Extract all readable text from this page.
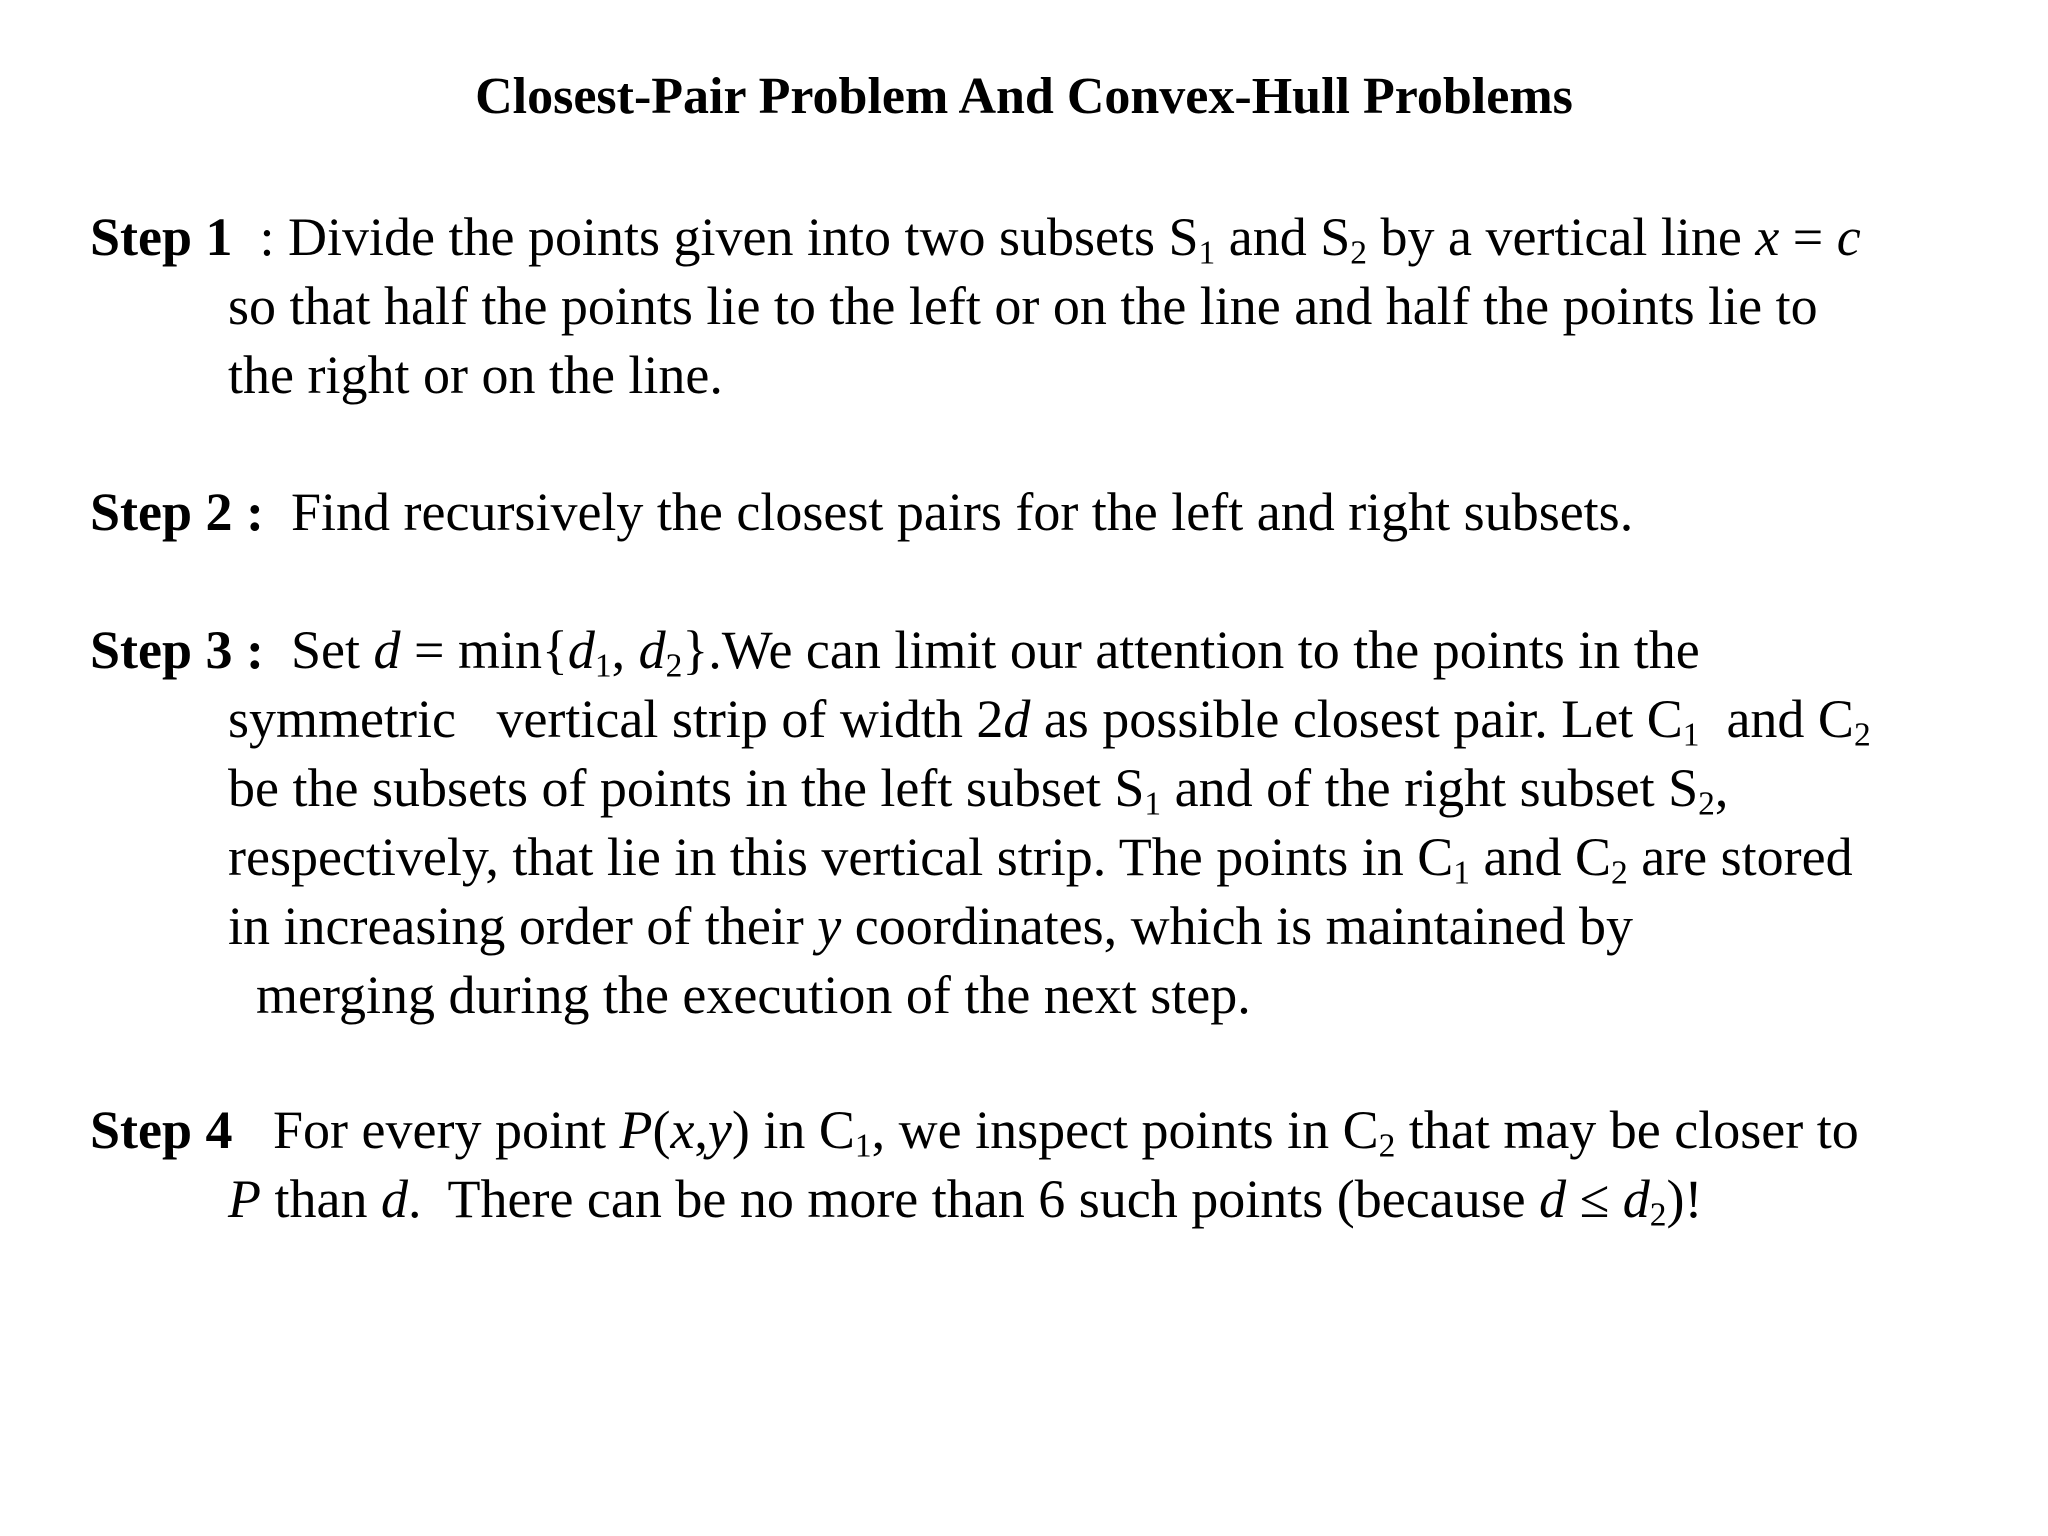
Closest-Pair Problem And Convex-Hull Problems
Step 1  : Divide the points given into two subsets $S_1$ and $S_2$ by a vertical line x = c
so that half the points lie to the left or on the line and half the points lie to
the right or on the line.
Step 2 : Find recursively the closest pairs for the left and right subsets.
Step 3 :  Set $d = \min\{d_1$, $d_2\}.We$ can limit our attention to the points in the
symmetric   vertical strip of width 2d as possible closest pair. Let $C_1$  and $C_2$
be the subsets of points in the left subset $S_1$ and of the right subset $S_2$,
respectively, that lie in this vertical strip. The points in $C_1$ and $C_2$ are stored
in increasing order of their y coordinates, which is maintained by
merging during the execution of the next step.
Step 4   For every point P(x,y) in $C_1$, we inspect points in $C_2$ that may be closer to
P than d.  There can be no more than 6 such points (because $d \le d_2$)!
